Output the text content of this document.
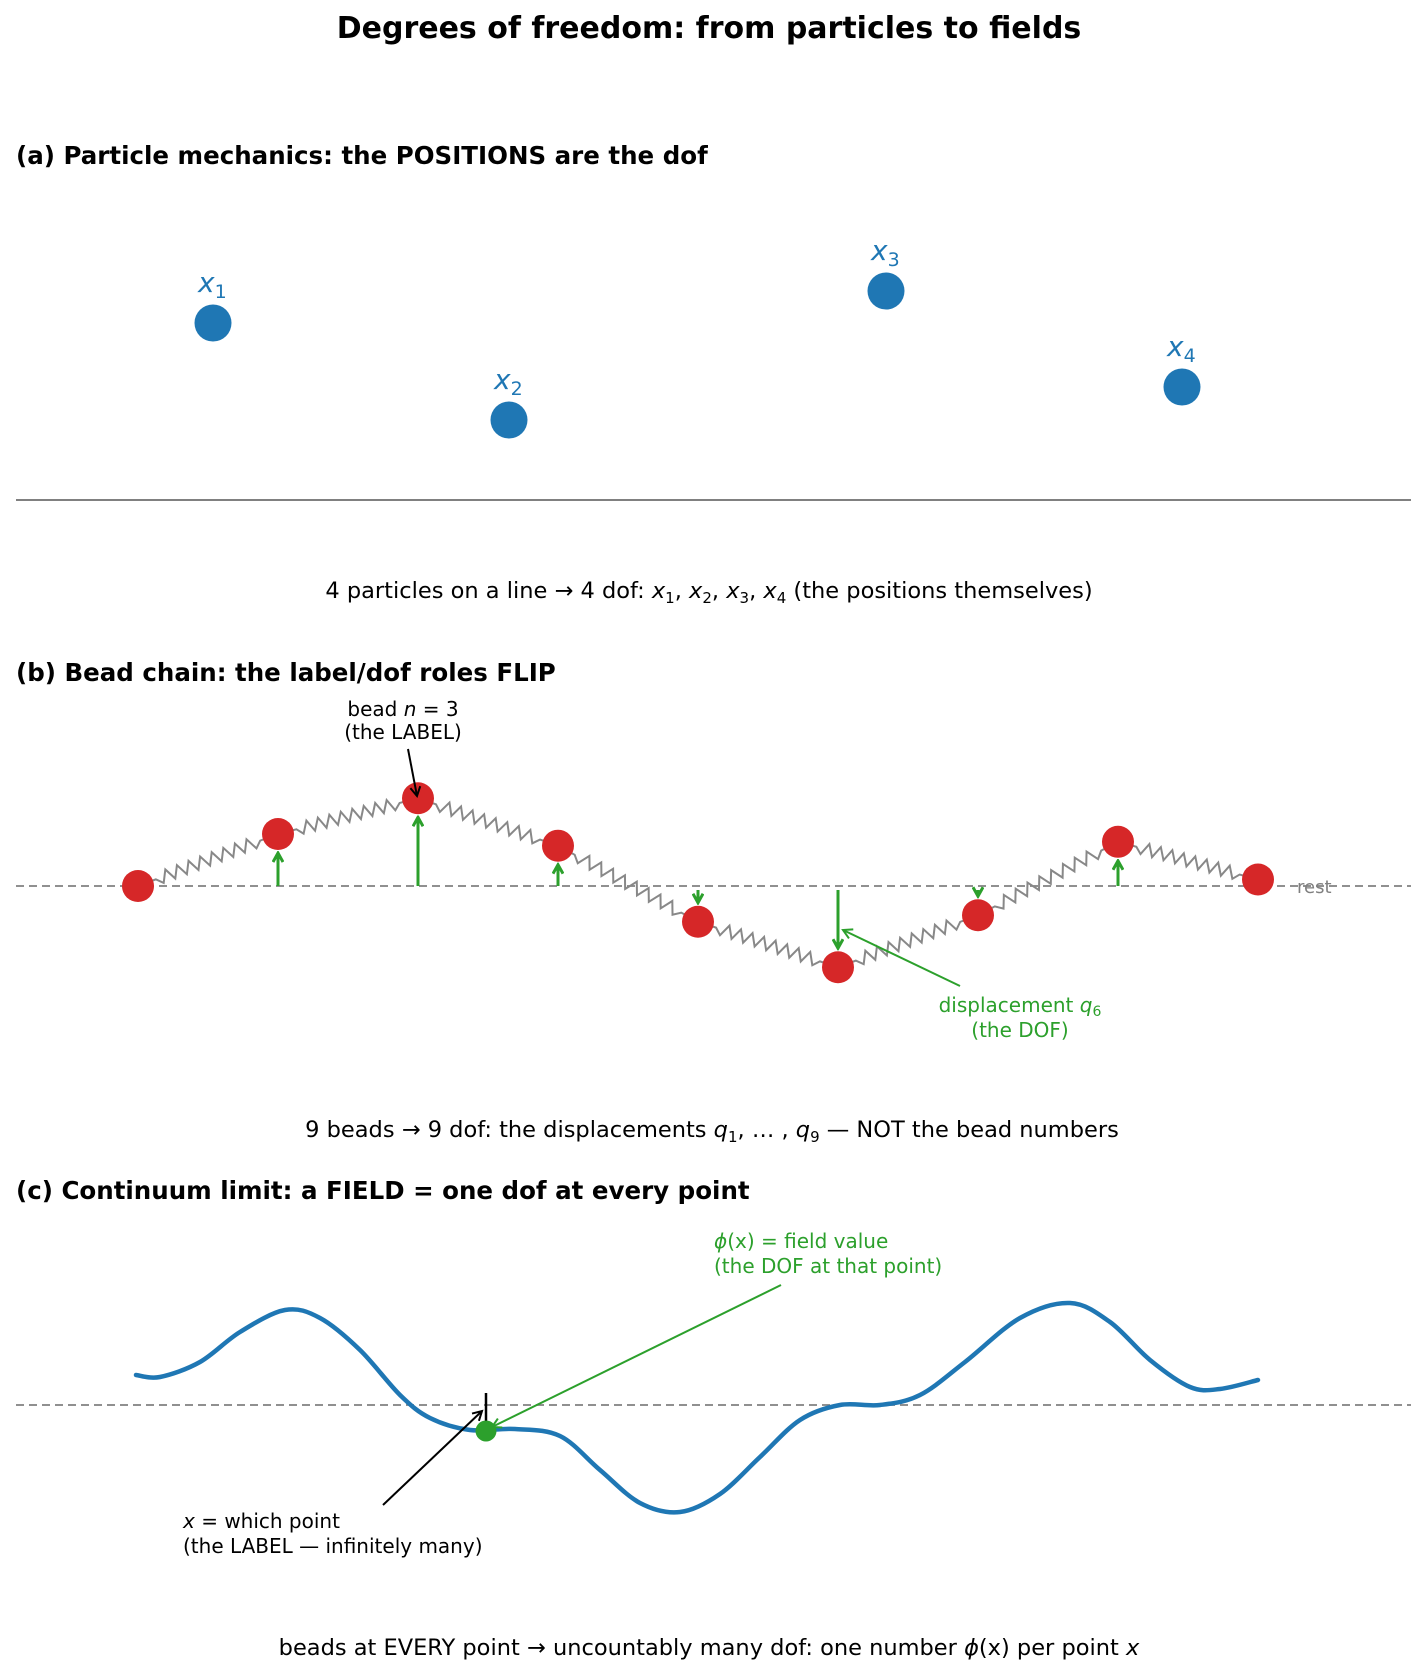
Degrees of freedom: from particles to fields
(a) Particle mechanics: the POSITIONS are the dof
$x_1$
$x_2$
$x_3$
$x_4$
4 particles on a line → 4 dof: $x_1$, $x_2$, $x_3$, $x_4$ (the positions themselves)
(b) Bead chain: the label/dof roles FLIP
rest
bead n = 3
(the LABEL)
displacement $q_6$
(the DOF)
9 beads → 9 dof: the displacements $q_1$, … , $q_9$ — NOT the bead numbers
(c) Continuum limit: a FIELD = one dof at every point
ϕ(x) = field value
(the DOF at that point)
x = which point
(the LABEL — infinitely many)
beads at EVERY point → uncountably many dof: one number ϕ(x) per point x
